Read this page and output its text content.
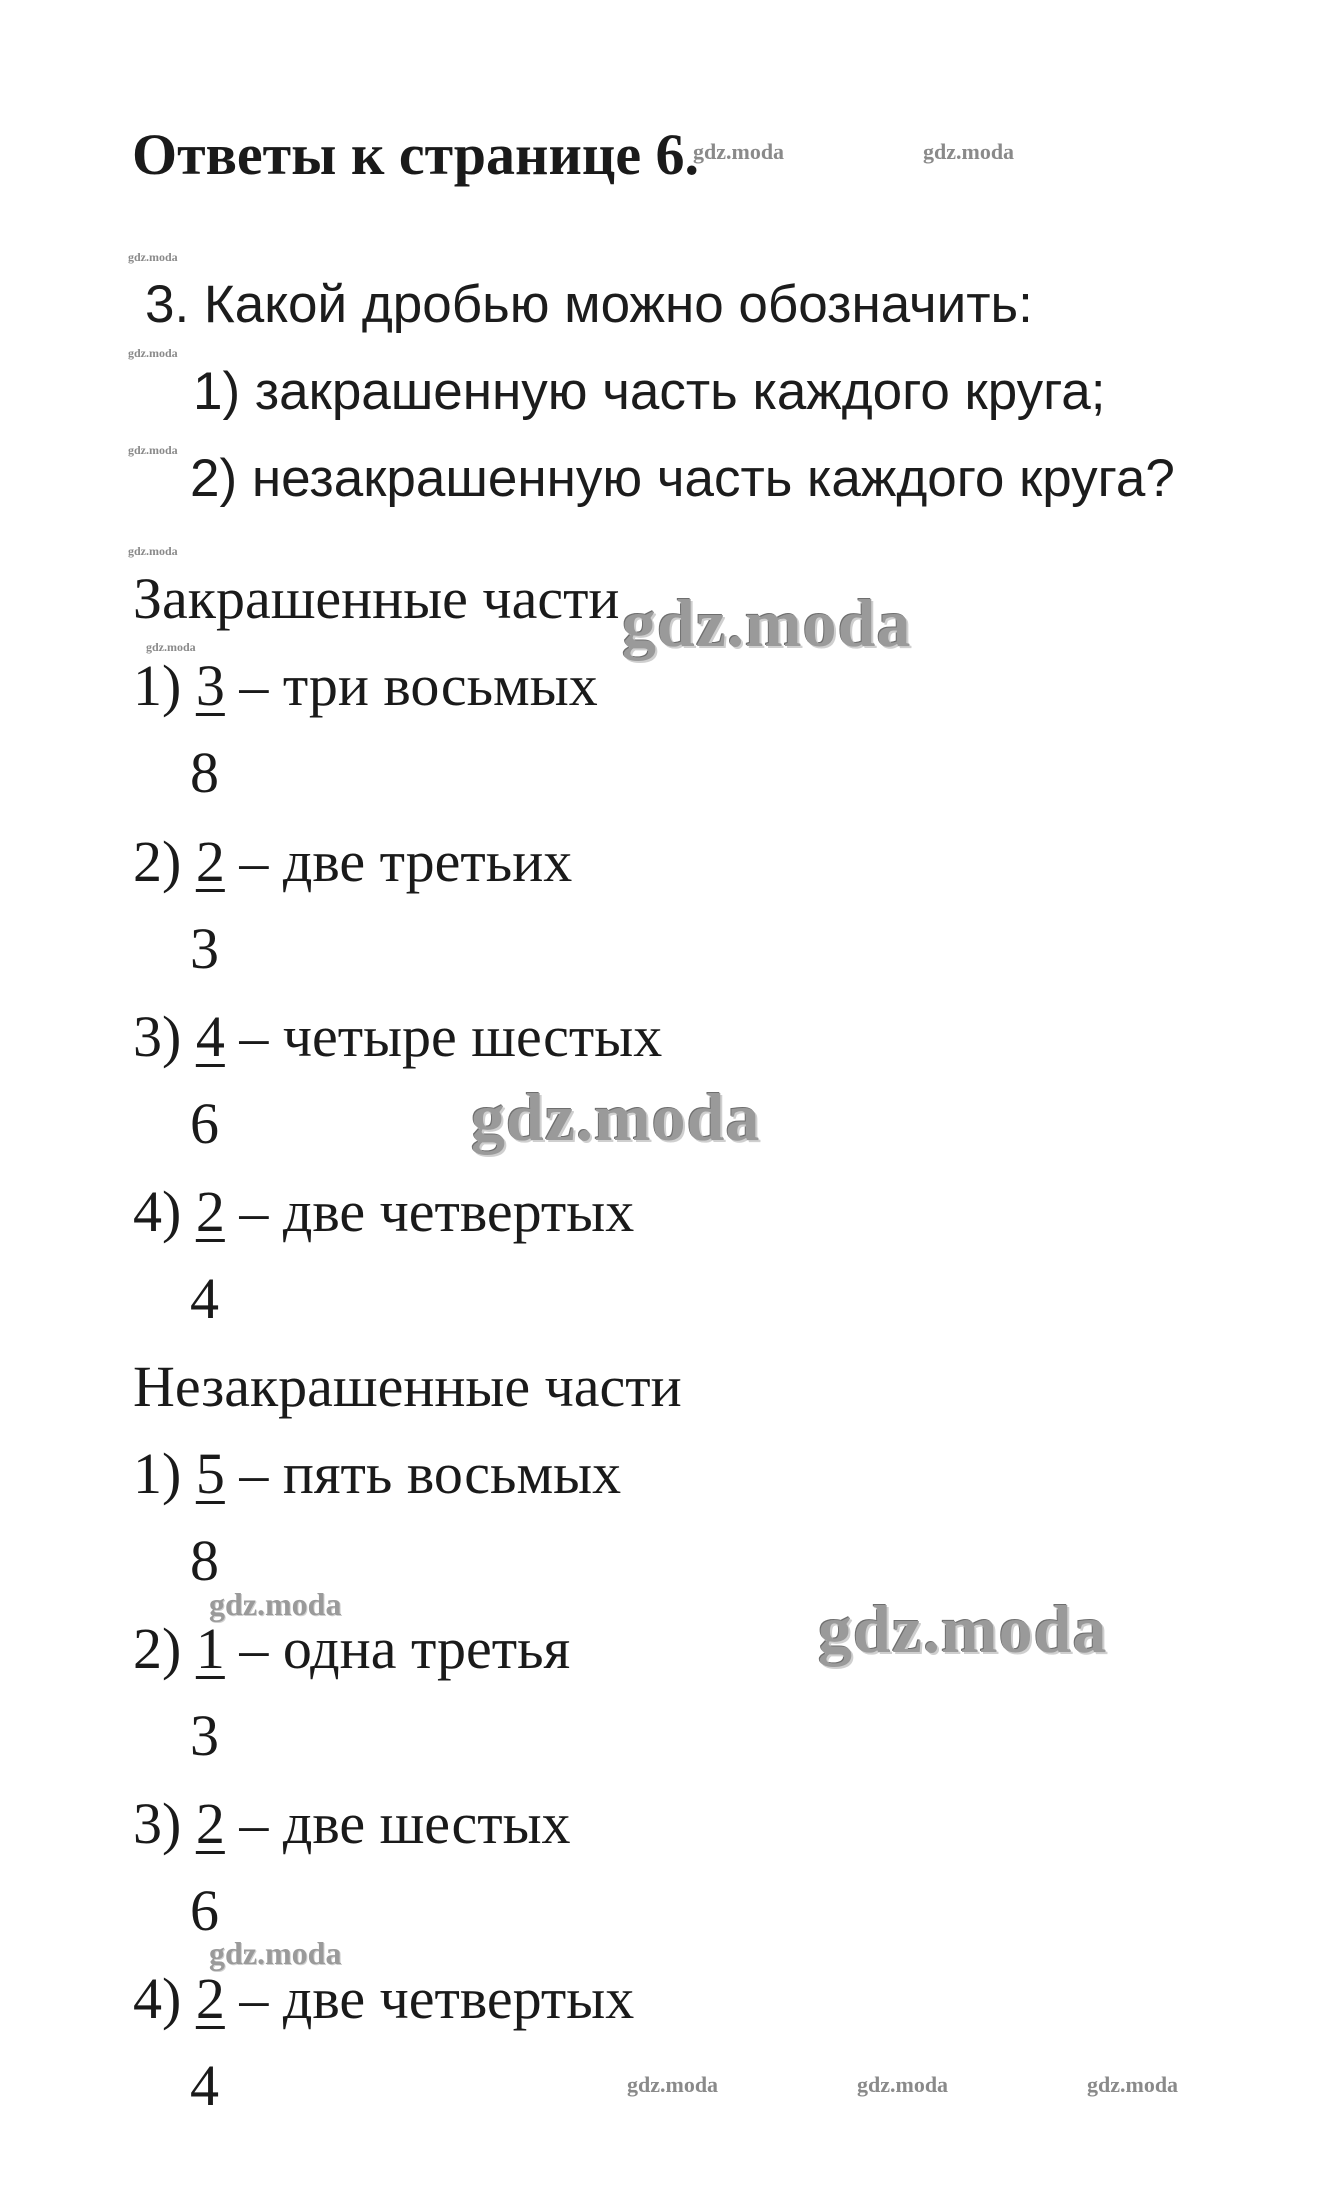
Ответы к странице 6.
3. Какой дробью можно обозначить:
1) закрашенную часть каждого круга;
2) незакрашенную часть каждого круга?
Закрашенные части
1) 3 – три восьмых
8
2) 2 – две третьих
3
3) 4 – четыре шестых
6
4) 2 – две четвертых
4
Незакрашенные части
1) 5 – пять восьмых
8
2) 1 – одна третья
3
3) 2 – две шестых
6
4) 2 – две четвертых
4
gdz.moda	gdz.moda
gdz.moda
gdz.moda
gdz.moda
gdz.moda
gdz.moda	gdz.moda
gdz.moda
gdz.moda
gdz.moda
gdz.moda
gdz.moda	gdz.moda	gdz.moda
